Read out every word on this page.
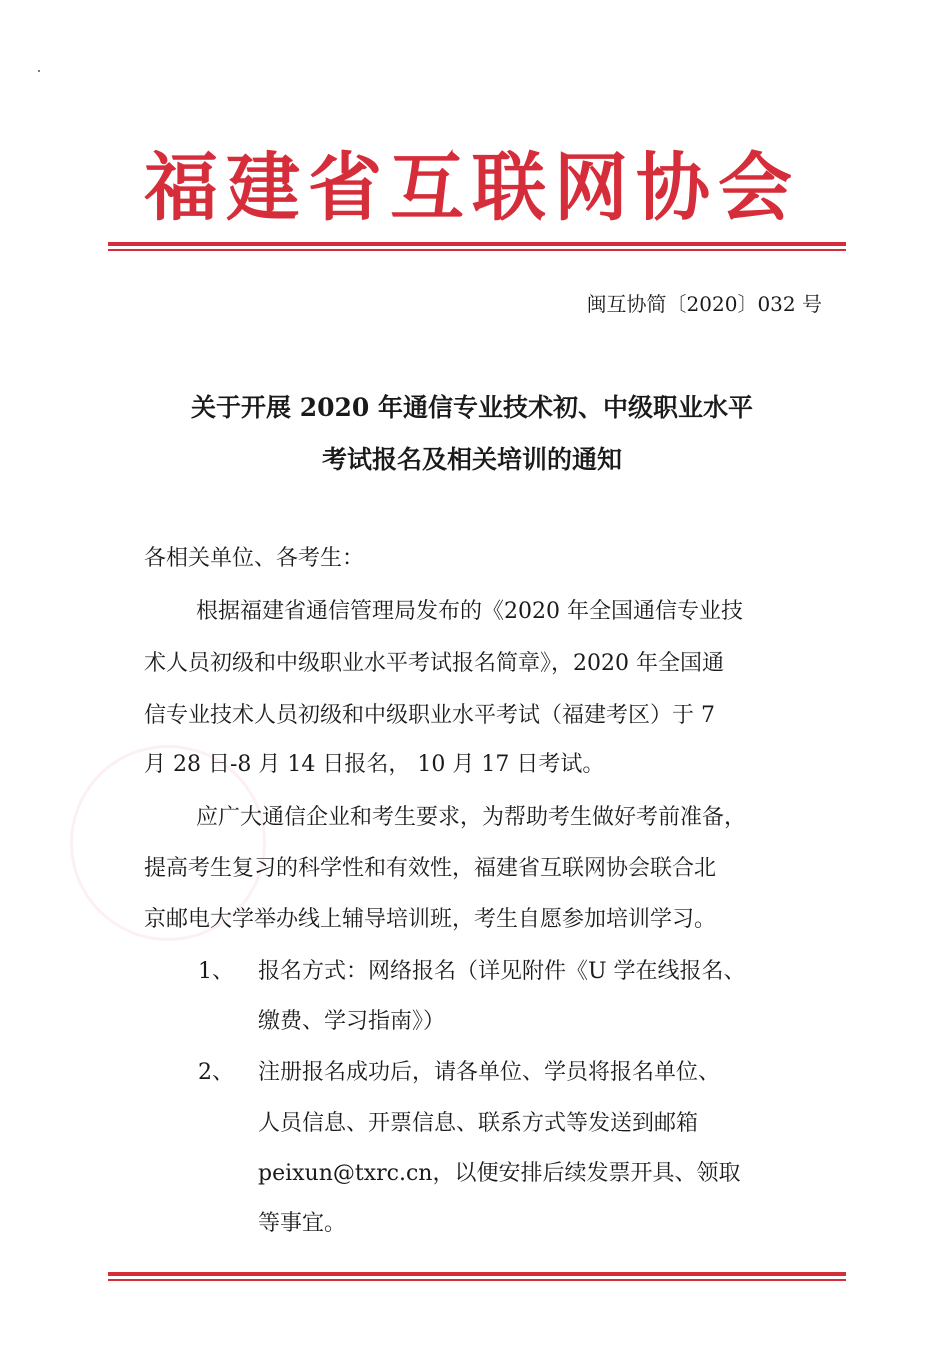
福建省互联网协会
闽互协简〔2020〕032 号
关于开展 2020 年通信专业技术初、中级职业水平
考试报名及相关培训的通知
各相关单位、各考生：
根据福建省通信管理局发布的《2020 年全国通信专业技
术人员初级和中级职业水平考试报名简章》，2020 年全国通
信专业技术人员初级和中级职业水平考试（福建考区）于 7
月 28 日-8 月 14 日报名， 10 月 17 日考试。
应广大通信企业和考生要求，为帮助考生做好考前准备，
提高考生复习的科学性和有效性，福建省互联网协会联合北
京邮电大学举办线上辅导培训班，考生自愿参加培训学习。
1、 报名方式：网络报名（详见附件《U 学在线报名、
缴费、学习指南》）
2、 注册报名成功后，请各单位、学员将报名单位、
人员信息、开票信息、联系方式等发送到邮箱
peixun@txrc.cn，以便安排后续发票开具、领取
等事宜。
